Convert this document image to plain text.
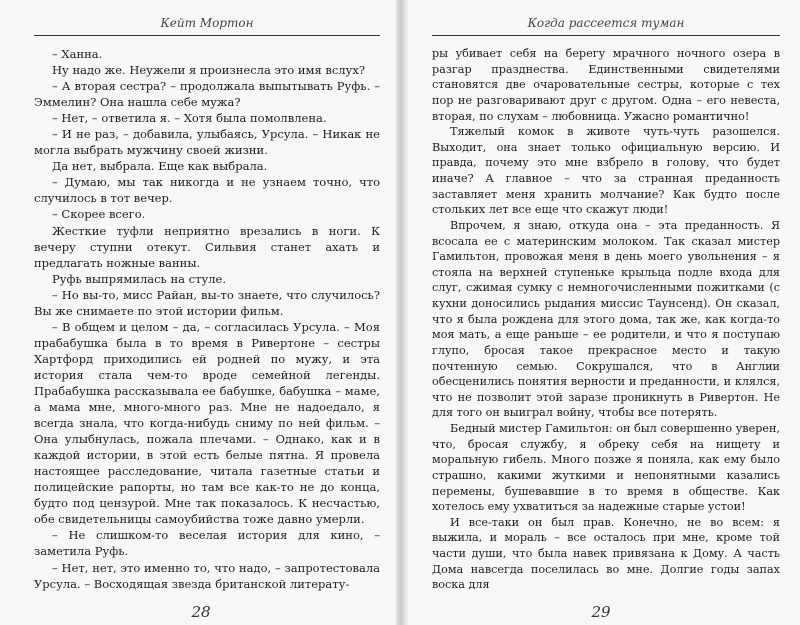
Кейт Мортон

– Ханна.

Ну надо же. Неужели я произнесла это имя вслух?

– А вторая сестра? – продолжала выпытывать Руфь. – Эммелин? Она нашла себе мужа?

– Нет, – ответила я. – Хотя была помолвлена.

– И не раз, – добавила, улыбаясь, Урсула. – Никак не могла выбрать мужчину своей жизни.

Да нет, выбрала. Еще как выбрала.

– Думаю, мы так никогда и не узнаем точно, что случилось в тот вечер.

– Скорее всего.

Жесткие туфли неприятно врезались в ноги. К вечеру ступни отекут. Сильвия станет ахать и предлагать ножные ванны.

Руфь выпрямилась на стуле.

– Но вы-то, мисс Райан, вы-то знаете, что случилось? Вы же снимаете по этой истории фильм.

– В общем и целом – да, – согласилась Урсула. – Моя прабабушка была в то время в Ривертоне – сестры Хартфорд приходились ей родней по мужу, и эта история стала чем-то вроде семейной легенды. Прабабушка рассказывала ее бабушке, бабушка – маме, а мама мне, много-много раз. Мне не надоедало, я всегда знала, что когда-нибудь сниму по ней фильм. – Она улыбнулась, пожала плечами. – Однако, как и в каждой истории, в этой есть белые пятна. Я провела настоящее расследование, читала газетные статьи и полицейские рапорты, но там все как-то не до конца, будто под цензурой. Мне так показалось. К несчастью, обе свидетельницы самоубийства тоже давно умерли.

– Не слишком-то веселая история для кино, – заметила Руфь.

– Нет, нет, это именно то, что надо, – запротестовала Урсула. – Восходящая звезда британской литерату-

28
Когда рассеется туман

ры убивает себя на берегу мрачного ночного озера в разгар празднества. Единственными свидетелями становятся две очаровательные сестры, которые с тех пор не разговаривают друг с другом. Одна – его невеста, вторая, по слухам – любовница. Ужасно романтично!

Тяжелый комок в животе чуть-чуть разошелся. Выходит, она знает только официальную версию. И правда, почему это мне взбрело в голову, что будет иначе? А главное – что за странная преданность заставляет меня хранить молчание? Как будто после стольких лет все еще что скажут люди!

Впрочем, я знаю, откуда она – эта преданность. Я всосала ее с материнским молоком. Так сказал мистер Гамильтон, провожая меня в день моего увольнения – я стояла на верхней ступеньке крыльца подле входа для слуг, сжимая сумку с немногочисленными пожитками (с кухни доносились рыдания миссис Таунсенд). Он сказал, что я была рождена для этого дома, так же, как когда-то моя мать, а еще раньше – ее родители, и что я поступаю глупо, бросая такое прекрасное место и такую почтенную семью. Сокрушался, что в Англии обесценились понятия верности и преданности, и клялся, что не позволит этой заразе проникнуть в Ривертон. Не для того он выиграл войну, чтобы все потерять.

Бедный мистер Гамильтон: он был совершенно уверен, что, бросая службу, я обреку себя на нищету и моральную гибель. Много позже я поняла, как ему было страшно, какими жуткими и непонятными казались перемены, бушевавшие в то время в обществе. Как хотелось ему ухватиться за надежные старые устои!

И все-таки он был прав. Конечно, не во всем: я выжила, и мораль – все осталось при мне, кроме той части души, что была навек привязана к Дому. А часть Дома навсегда поселилась во мне. Долгие годы запах воска для

29
